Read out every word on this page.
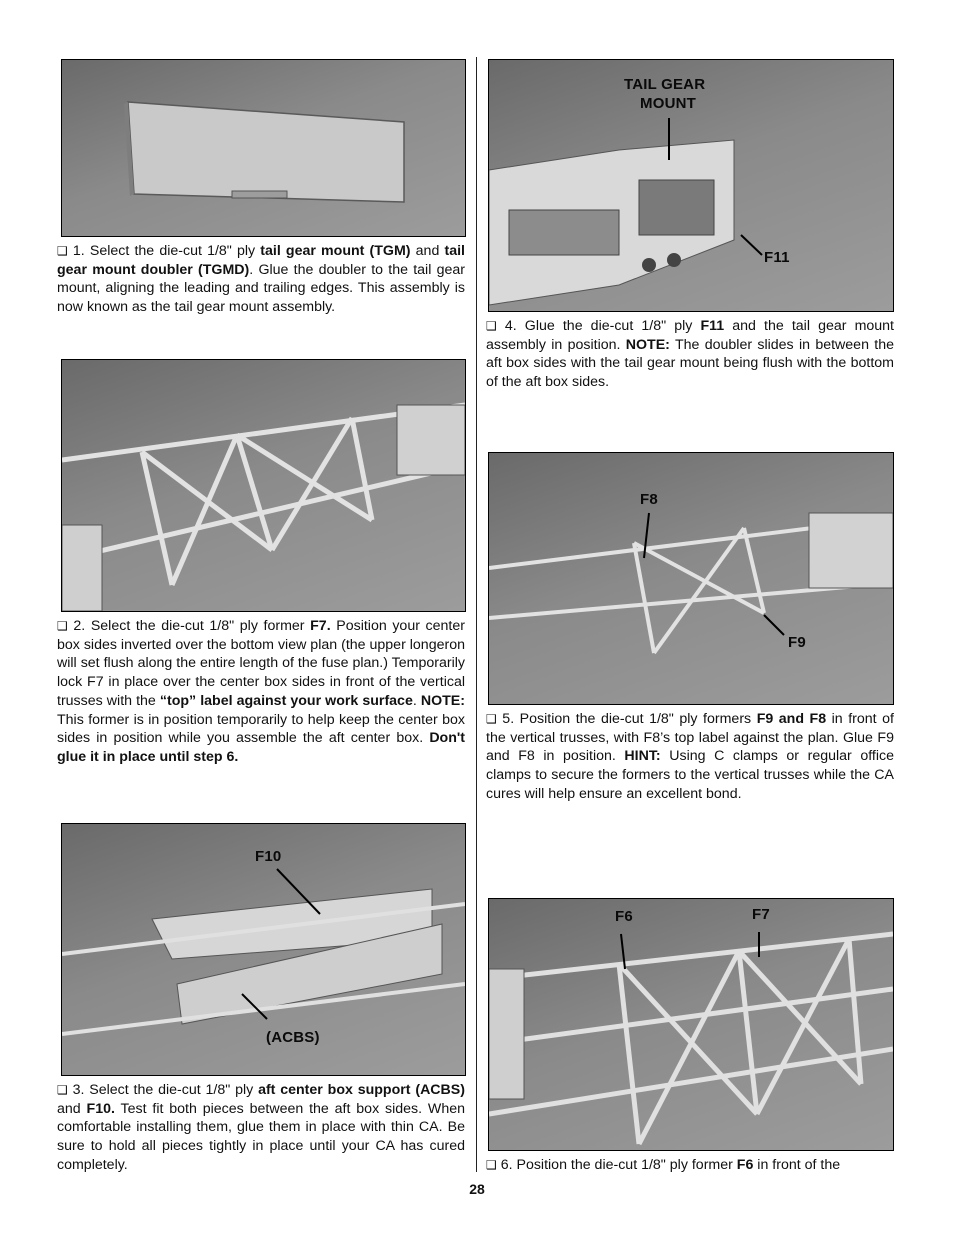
❑ 1. Select the die-cut 1/8" ply tail gear mount (TGM) and tail gear mount doubler (TGMD). Glue the doubler to the tail gear mount, aligning the leading and trailing edges. This assembly is now known as the tail gear mount assembly.

❑ 2. Select the die-cut 1/8" ply former F7. Position your center box sides inverted over the bottom view plan (the upper longeron will set flush along the entire length of the fuse plan.) Temporarily lock F7 in place over the center box sides in front of the vertical trusses with the “top” label against your work surface. NOTE: This former is in position temporarily to help keep the center box sides in position while you assemble the aft center box. Don't glue it in place until step 6.

F10
(ACBS)

❑ 3. Select the die-cut 1/8" ply aft center box support (ACBS) and F10. Test fit both pieces between the aft box sides. When comfortable installing them, glue them in place with thin CA. Be sure to hold all pieces tightly in place until your CA has cured completely.

TAIL GEAR
MOUNT
F11

❑ 4. Glue the die-cut 1/8" ply F11 and the tail gear mount assembly in position. NOTE: The doubler slides in between the aft box sides with the tail gear mount being flush with the bottom of the aft box sides.

F8
F9

❑ 5. Position the die-cut 1/8" ply formers F9 and F8 in front of the vertical trusses, with F8’s top label against the plan. Glue F9 and F8 in position. HINT: Using C clamps or regular office clamps to secure the formers to the vertical trusses while the CA cures will help ensure an excellent bond.

F6	F7

❑ 6. Position the die-cut 1/8" ply former F6 in front of the

28
